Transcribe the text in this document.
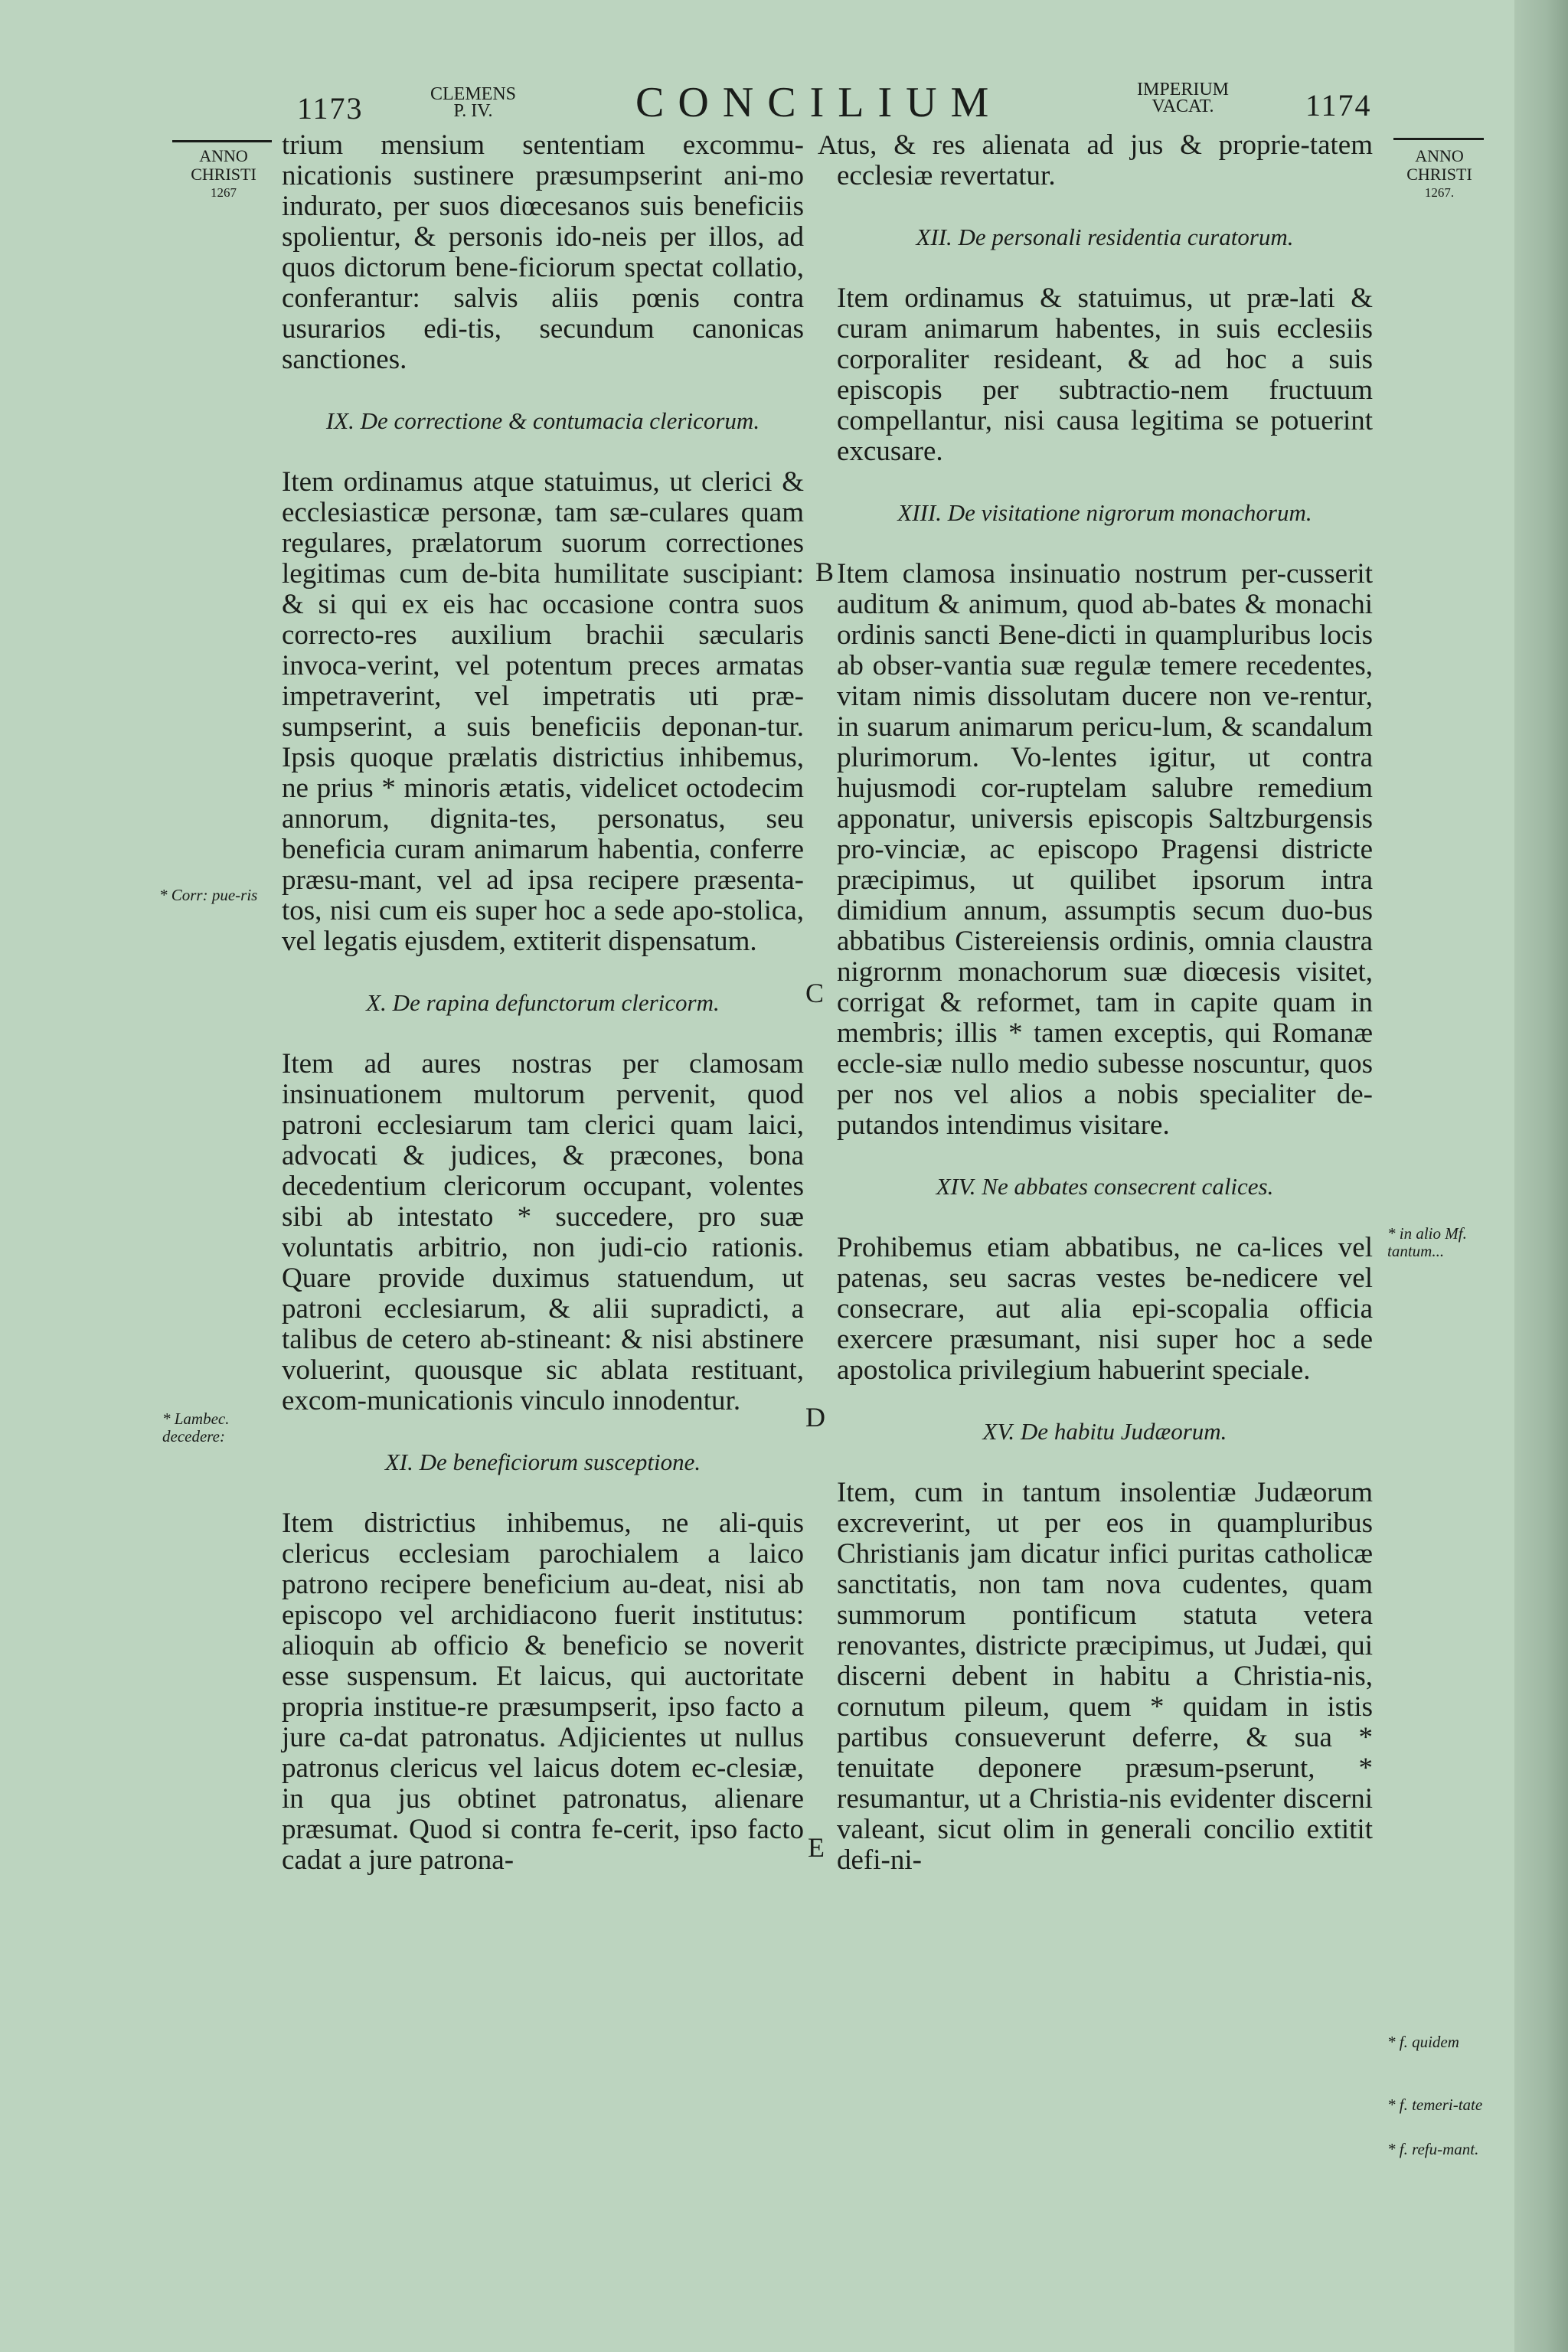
1173	CLEMENS
P. IV.	CONCILIUM	IMPERIUM
VACAT.	1174
ANNO
CHRISTI
1267
ANNO
CHRISTI
1267.

trium mensium sententiam excommu-nicationis sustinere præsumpserint ani-mo indurato, per suos diœcesanos suis beneficiis spolientur, & personis ido-neis per illos, ad quos dictorum bene-ficiorum spectat collatio, conferantur: salvis aliis pœnis contra usurarios edi-tis, secundum canonicas sanctiones.

IX. De correctione & contumacia clericorum.

Item ordinamus atque statuimus, ut clerici & ecclesiasticæ personæ, tam sæ-culares quam regulares, prælatorum suorum correctiones legitimas cum de-bita humilitate suscipiant: & si qui ex eis hac occasione contra suos correcto-res auxilium brachii sæcularis invoca-verint, vel potentum preces armatas impetraverint, vel impetratis uti præ-sumpserint, a suis beneficiis deponan-tur. Ipsis quoque prælatis districtius inhibemus, ne prius * minoris ætatis, videlicet octodecim annorum, dignita-tes, personatus, seu beneficia curam animarum habentia, conferre præsu-mant, vel ad ipsa recipere præsenta-tos, nisi cum eis super hoc a sede apo-stolica, vel legatis ejusdem, extiterit dispensatum.

X. De rapina defunctorum clericorm.

Item ad aures nostras per clamosam insinuationem multorum pervenit, quod patroni ecclesiarum tam clerici quam laici, advocati & judices, & præcones, bona decedentium clericorum occupant, volentes sibi ab intestato * succedere, pro suæ voluntatis arbitrio, non judi-cio rationis. Quare provide duximus statuendum, ut patroni ecclesiarum, & alii supradicti, a talibus de cetero ab-stineant: & nisi abstinere voluerint, quousque sic ablata restituant, excom-municationis vinculo innodentur.

XI. De beneficiorum susceptione.

Item districtius inhibemus, ne ali-quis clericus ecclesiam parochialem a laico patrono recipere beneficium au-deat, nisi ab episcopo vel archidiacono fuerit institutus: alioquin ab officio & beneficio se noverit esse suspensum. Et laicus, qui auctoritate propria institue-re præsumpserit, ipso facto a jure ca-dat patronatus. Adjicientes ut nullus patronus clericus vel laicus dotem ec-clesiæ, in qua jus obtinet patronatus, alienare præsumat. Quod si contra fe-cerit, ipso facto cadat a jure patrona-

A
B
C
D
E

tus, & res alienata ad jus & proprie-tatem ecclesiæ revertatur.

XII. De personali residentia curatorum.

Item ordinamus & statuimus, ut præ-lati & curam animarum habentes, in suis ecclesiis corporaliter resideant, & ad hoc a suis episcopis per subtractio-nem fructuum compellantur, nisi causa legitima se potuerint excusare.

XIII. De visitatione nigrorum monachorum.

Item clamosa insinuatio nostrum per-cusserit auditum & animum, quod ab-bates & monachi ordinis sancti Bene-dicti in quampluribus locis ab obser-vantia suæ regulæ temere recedentes, vitam nimis dissolutam ducere non ve-rentur, in suarum animarum pericu-lum, & scandalum plurimorum. Vo-lentes igitur, ut contra hujusmodi cor-ruptelam salubre remedium apponatur, universis episcopis Saltzburgensis pro-vinciæ, ac episcopo Pragensi districte præcipimus, ut quilibet ipsorum intra dimidium annum, assumptis secum duo-bus abbatibus Cistereiensis ordinis, omnia claustra nigrornm monachorum suæ diœcesis visitet, corrigat & reformet, tam in capite quam in membris; illis * tamen exceptis, qui Romanæ eccle-siæ nullo medio subesse noscuntur, quos per nos vel alios a nobis specialiter de-putandos intendimus visitare.

XIV. Ne abbates consecrent calices.

Prohibemus etiam abbatibus, ne ca-lices vel patenas, seu sacras vestes be-nedicere vel consecrare, aut alia epi-scopalia officia exercere præsumant, nisi super hoc a sede apostolica privilegium habuerint speciale.

XV. De habitu Judæorum.

Item, cum in tantum insolentiæ Judæorum excreverint, ut per eos in quampluribus Christianis jam dicatur infici puritas catholicæ sanctitatis, non tam nova cudentes, quam summorum pontificum statuta vetera renovantes, districte præcipimus, ut Judæi, qui discerni debent in habitu a Christia-nis, cornutum pileum, quem * quidam in istis partibus consueverunt deferre, & sua * tenuitate deponere præsum-pserunt, * resumantur, ut a Christia-nis evidenter discerni valeant, sicut olim in generali concilio extitit defi-ni-

* Corr: pue-ris
* Lambec. decedere:
* in alio Mf. tantum...
* f. quidem
* f. temeri-tate
* f. refu-mant.
